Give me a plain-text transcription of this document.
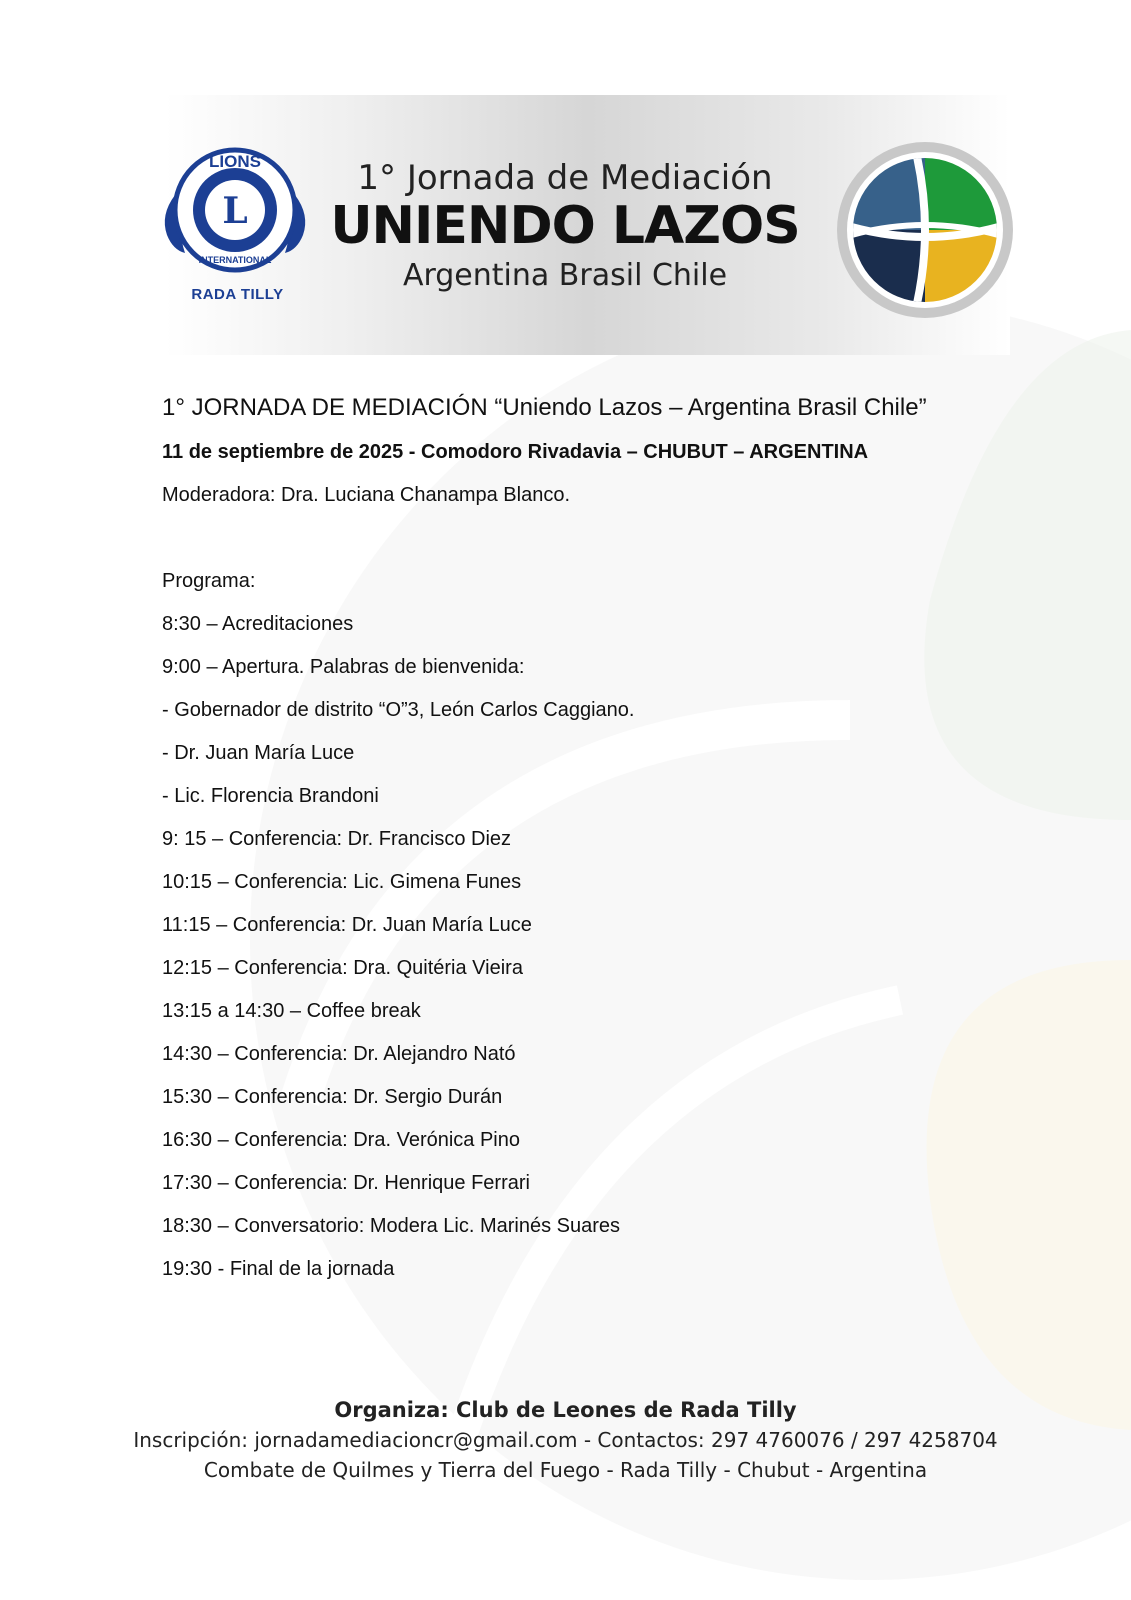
L
LIONS
INTERNATIONAL
RADA TILLY
1° Jornada de Mediación
UNIENDO LAZOS
Argentina Brasil Chile
1° JORNADA DE MEDIACIÓN “Uniendo Lazos – Argentina Brasil Chile”
11 de septiembre de 2025 - Comodoro Rivadavia – CHUBUT – ARGENTINA
Moderadora: Dra. Luciana Chanampa Blanco.
Programa:
8:30 – Acreditaciones
9:00 – Apertura. Palabras de bienvenida:
- Gobernador de distrito “O”3, León Carlos Caggiano.
- Dr. Juan María Luce
- Lic. Florencia Brandoni
9: 15 – Conferencia: Dr. Francisco Diez
10:15 – Conferencia: Lic. Gimena Funes
11:15 – Conferencia: Dr. Juan María Luce
12:15 – Conferencia: Dra. Quitéria Vieira
13:15 a 14:30 – Coffee break
14:30 – Conferencia: Dr. Alejandro Nató
15:30 – Conferencia: Dr. Sergio Durán
16:30 – Conferencia: Dra. Verónica Pino
17:30 – Conferencia: Dr. Henrique Ferrari
18:30 – Conversatorio: Modera Lic. Marinés Suares
19:30 - Final de la jornada
Organiza: Club de Leones de Rada Tilly
Inscripción: jornadamediacioncr@gmail.com - Contactos: 297 4760076 / 297 4258704
Combate de Quilmes y Tierra del Fuego - Rada Tilly - Chubut - Argentina
